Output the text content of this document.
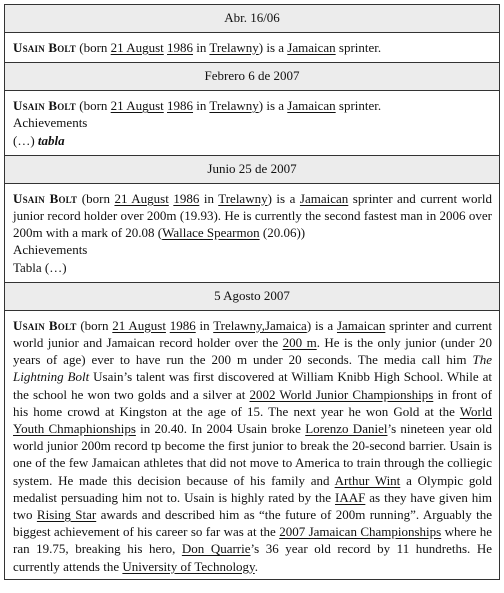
Abr. 16/06
Usain Bolt (born 21 August 1986 in Trelawny) is a Jamaican sprinter.
Febrero 6 de 2007
Usain Bolt (born 21 August 1986 in Trelawny) is a Jamaican sprinter.
Achievements
(…) tabla
Junio 25 de 2007
Usain Bolt (born 21 August 1986 in Trelawny) is a Jamaican sprinter and current world junior record holder over 200m (19.93). He is currently the second fastest man in 2006 over 200m with a mark of 20.08 (Wallace Spearmon (20.06))
Achievements
Tabla (…)
5 Agosto 2007
Usain Bolt (born 21 August 1986 in Trelawny,Jamaica) is a Jamaican sprinter and current world junior and Jamaican record holder over the 200 m. He is the only junior (under 20 years of age) ever to have run the 200 m under 20 seconds. The media call him The Lightning Bolt Usain’s talent was first discovered at William Knibb High School. While at the school he won two golds and a silver at 2002 World Junior Championships in front of his home crowd at Kingston at the age of 15. The next year he won Gold at the World Youth Chmaphionships in 20.40. In 2004 Usain broke Lorenzo Daniel’s nineteen year old world junior 200m record tp become the first junior to break the 20-second barrier. Usain is one of the few Jamaican athletes that did not move to America to train through the colliegic system. He made this decision because of his family and Arthur Wint a Olympic gold medalist persuading him not to. Usain is highly rated by the IAAF as they have given him two Rising Star awards and described him as “the future of 200m running”. Arguably the biggest achievement of his career so far was at the 2007 Jamaican Championships where he ran 19.75, breaking his hero, Don Quarrie’s 36 year old record by 11 hundreths. He currently attends the University of Technology.
